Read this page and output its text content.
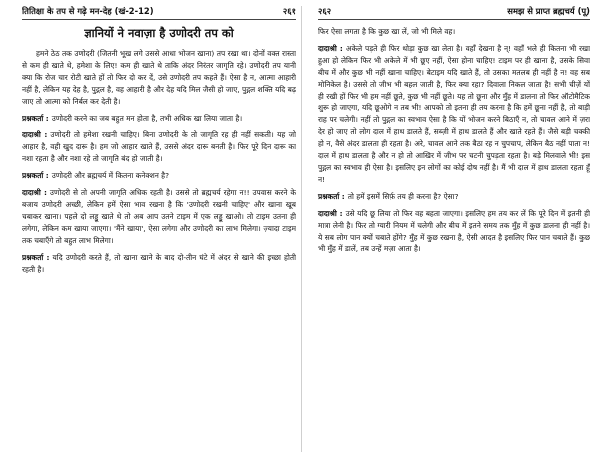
तितिक्षा के तप से गढ़े मन-देह (खं-2-12)	२६१
ज्ञानियों ने नवाज़ा है उणोदरी तप को

हमने ठेठ तक उणोदरी (जितनी भूख लगे उससे आधा भोजन खाना) तप रखा था। दोनों वक्त रास्ता से कम ही खाते थे, हमेशा के लिए! कम ही खाते थे ताकि अंदर निरंतर जागृति रहे। उणोदरी तप यानी क्या कि रोज चार रोटी खाते हों तो फिर दो कर दें, उसे उणोदरी तप कहते हैं। ऐसा है न, आत्मा आहारी नहीं है, लेकिन यह देह है, पुद्गल है, वह आहारी है और देह यदि मिल जैसी हो जाए, पुद्गल शक्ति यदि बढ़ जाए तो आत्मा को निर्बल कर देती है।

प्रश्नकर्ता : उणोदरी करने का जब बहुत मन होता है, तभी अधिक खा लिया जाता है।

दादाश्री : उणोदरी तो हमेशा रखनी चाहिए। बिना उणोदरी के तो जागृति रह ही नहीं सकती। यह जो आहार है, वही खुद दारू है। हम जो आहार खाते हैं, उससे अंदर दारू बनती है। फिर पूरे दिन दारू का नशा रहता है और नशा रहे तो जागृति बंद हो जाती है।

प्रश्नकर्ता : उणोदरी और ब्रह्मचर्य में कितना कनेक्शन है?

दादाश्री : उणोदरी से तो अपनी जागृति अधिक रहती है। उससे तो ब्रह्मचर्य रहेगा न!! उपवास करने के बजाय उणोदरी अच्छी, लेकिन हमें ऐसा भाव रखना है कि 'उणोदरी रखनी चाहिए' और खाना खूब चबाकर खाना। पहले दो लड्डू खाते थे तो अब आप उतने टाइम में एक लड्डू खाओ। तो टाइम उतना ही लगेगा, लेकिन कम खाया जाएगा। 'मैंने खाया', ऐसा लगेगा और उणोदरी का लाभ मिलेगा। ज़्यादा टाइम तक चबाएँगे तो बहुत लाभ मिलेगा।

प्रश्नकर्ता : यदि उणोदरी करते हैं, तो खाना खाने के बाद दो-तीन घंटे में अंदर से खाने की इच्छा होती रहती है।

२६२	समझ से प्राप्त ब्रह्मचर्य (पू)

फिर ऐसा लगता है कि कुछ खा लें, जो भी मिले वह।

दादाश्री : अकेले पड़ते ही फिर थोड़ा कुछ खा लेता है। वहाँ देखना है न्! वहाँ भले ही कितना भी रखा हुआ हो लेकिन फिर भी अकेले में भी छूए नहीं, ऐसा होना चाहिए! टाइम पर ही खाना है, उसके सिवा बीच में और कुछ भी नहीं खाना चाहिए। बेटाइम यदि खाते हैं, तो उसका मतलब ही नहीं है न! वह सब मोनिकेल है। उससे तो जीभ भी बहल जाती है, फिर क्या रहा? दिवाला निकल जाता है! सभी चीज़ें यों ही रखी हों फिर भी हम नहीं छूते, कुछ भी नहीं छूते। यह तो छूना और मुँह में डालना तो फिर ऑटोमैटिक शुरू हो जाएगा, यदि छूओगे न तब भी! आपको तो इतना ही तय करना है कि हमें छूना नहीं है, तो बाड़ी राह पर चलेगी। नहीं तो पुद्गल का स्वभाव ऐसा है कि यों भोजन करने बिठाएँ न, तो चावल आने में ज़रा देर हो जाए तो लोग दाल में हाथ डालते हैं, सब्ज़ी में हाथ डालते हैं और खाते रहते हैं। जैसे बड़ी चक्की हो न, वैसे अंदर डालता ही रहता है। अरे, चावल आने तक बैठा रह न चुपचाप, लेकिन बैठ नहीं पाता न! दाल में हाथ डालता है और न हो तो आखिर में जीभ पर चटनी चुपड़ता रहता है। बड़े मिलवाले भी! इस पुद्गल का स्वभाव ही ऐसा है। इसलिए इन लोगों का कोई दोष नहीं है। मैं भी दाल में हाथ डालता रहता हूँ न!

प्रश्नकर्ता : तो हमें इसमें सिर्फ़ तय ही करना है? ऐसा?

दादाश्री : उसे यदि छू लिया तो फिर वह बहता जाएगा। इसलिए हम तय कर लें कि पूरे दिन में इतनी ही मात्रा लेनी है। फिर तो ग्यारी नियम में चलेगी और बीच में इतने समय तक मुँह में कुछ डालना ही नहीं है। ये सब लोग पान क्यों चबाते होंगे? मुँह में कुछ रखना है, ऐसी आदत है इसलिए फिर पान चबाते हैं। कुछ भी मुँह में डालें, तब उन्हें मज़ा आता है।
